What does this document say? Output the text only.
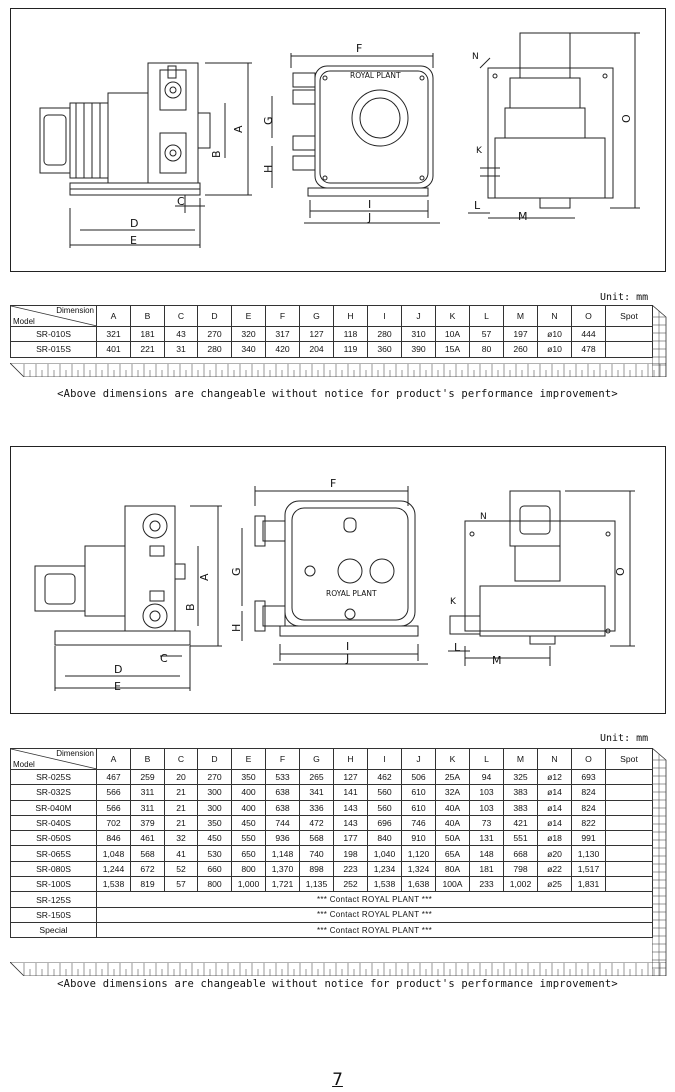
A
B
C
D
E
ROYAL PLANT
F
G
H
I
J
N
O
K
L
M
Unit: mm
Dimension
Model	A	B	C	D	E	F	G	H	I	J	K	L	M	N	O	Spot	
SR-010S	321	181	43	270	320	317	127	118	280	310	10A	57	197	ø10	444		
SR-015S	401	221	31	280	340	420	204	119	360	390	15A	80	260	ø10	478		
<Above dimensions are changeable without notice for product's performance improvement>
A
B
C
D
E
ROYAL PLANT
F
G
H
I
J
N
O
K
L
M
Unit: mm
Dimension
Model	A	B	C	D	E	F	G	H	I	J	K	L	M	N	O	Spot	
SR-025S	467	259	20	270	350	533	265	127	462	506	25A	94	325	ø12	693		
SR-032S	566	311	21	300	400	638	341	141	560	610	32A	103	383	ø14	824		
SR-040M	566	311	21	300	400	638	336	143	560	610	40A	103	383	ø14	824		
SR-040S	702	379	21	350	450	744	472	143	696	746	40A	73	421	ø14	822		
SR-050S	846	461	32	450	550	936	568	177	840	910	50A	131	551	ø18	991		
SR-065S	1,048	568	41	530	650	1,148	740	198	1,040	1,120	65A	148	668	ø20	1,130		
SR-080S	1,244	672	52	660	800	1,370	898	223	1,234	1,324	80A	181	798	ø22	1,517		
SR-100S	1,538	819	57	800	1,000	1,721	1,135	252	1,538	1,638	100A	233	1,002	ø25	1,831		
SR-125S	*** Contact ROYAL PLANT ***																
SR-150S	*** Contact ROYAL PLANT ***																
Special	*** Contact ROYAL PLANT ***																
<Above dimensions are changeable without notice for product's performance improvement>
7
